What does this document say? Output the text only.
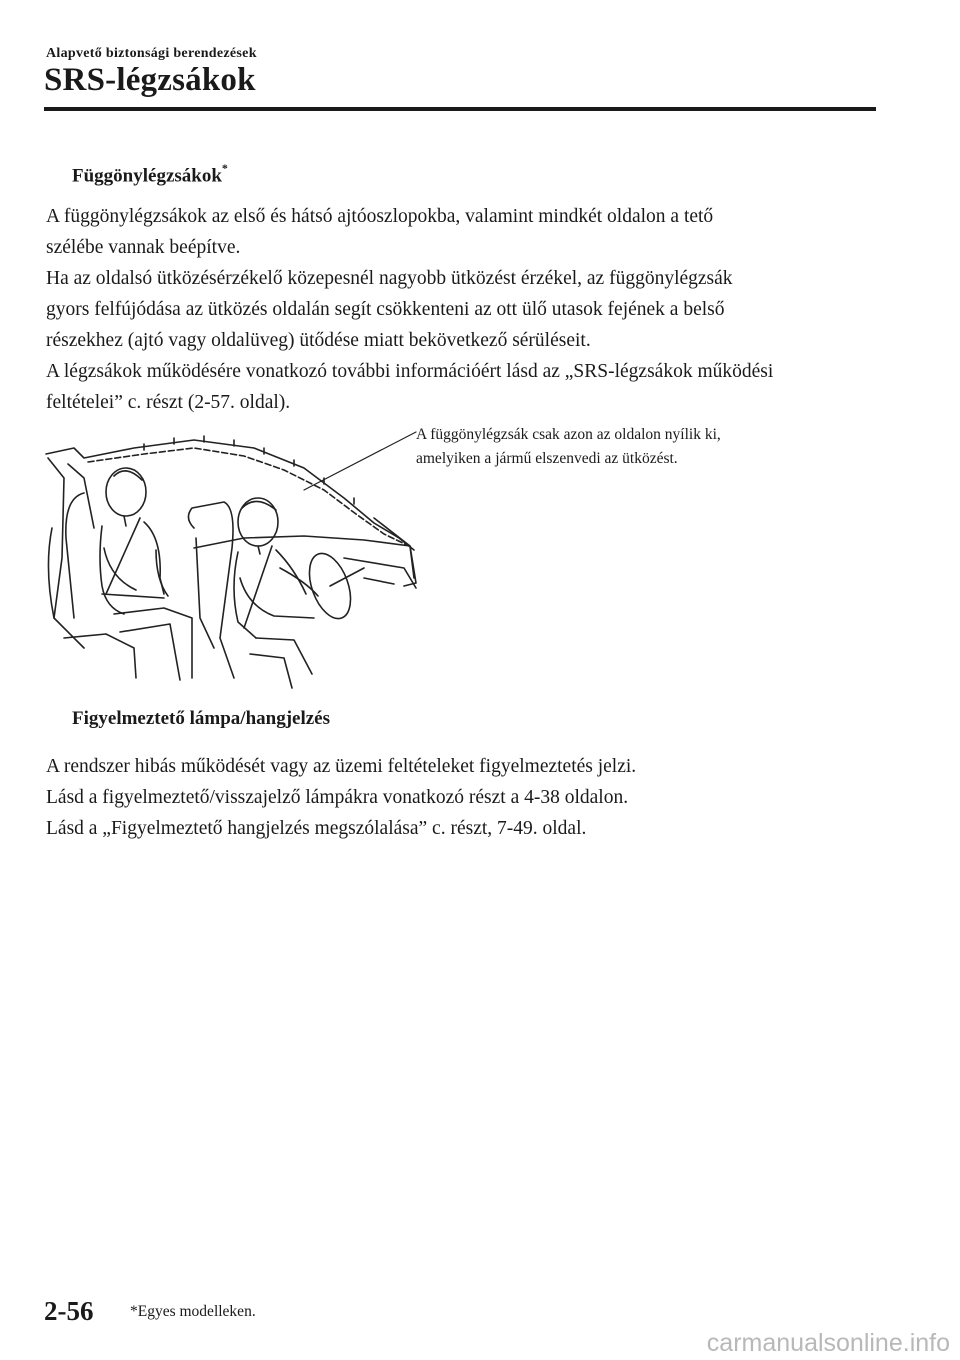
Alapvető biztonsági berendezések
SRS-légzsákok
Függönylégzsákok*
A függönylégzsákok az első és hátsó ajtóoszlopokba, valamint mindkét oldalon a tető
szélébe vannak beépítve.
Ha az oldalsó ütközésérzékelő közepesnél nagyobb ütközést érzékel, az függönylégzsák
gyors felfújódása az ütközés oldalán segít csökkenteni az ott ülő utasok fejének a belső
részekhez (ajtó vagy oldalüveg) ütődése miatt bekövetkező sérüléseit.
A légzsákok működésére vonatkozó további információért lásd az „SRS-légzsákok működési
feltételei” c. részt (2-57. oldal).
A függönylégzsák csak azon az oldalon nyílik ki,
amelyiken a jármű elszenvedi az ütközést.
Figyelmeztető lámpa/hangjelzés
A rendszer hibás működését vagy az üzemi feltételeket figyelmeztetés jelzi.
Lásd a figyelmeztető/visszajelző lámpákra vonatkozó részt a 4-38 oldalon.
Lásd a „Figyelmeztető hangjelzés megszólalása” c. részt, 7-49. oldal.
2-56 *Egyes modelleken.
carmanualsonline.info
